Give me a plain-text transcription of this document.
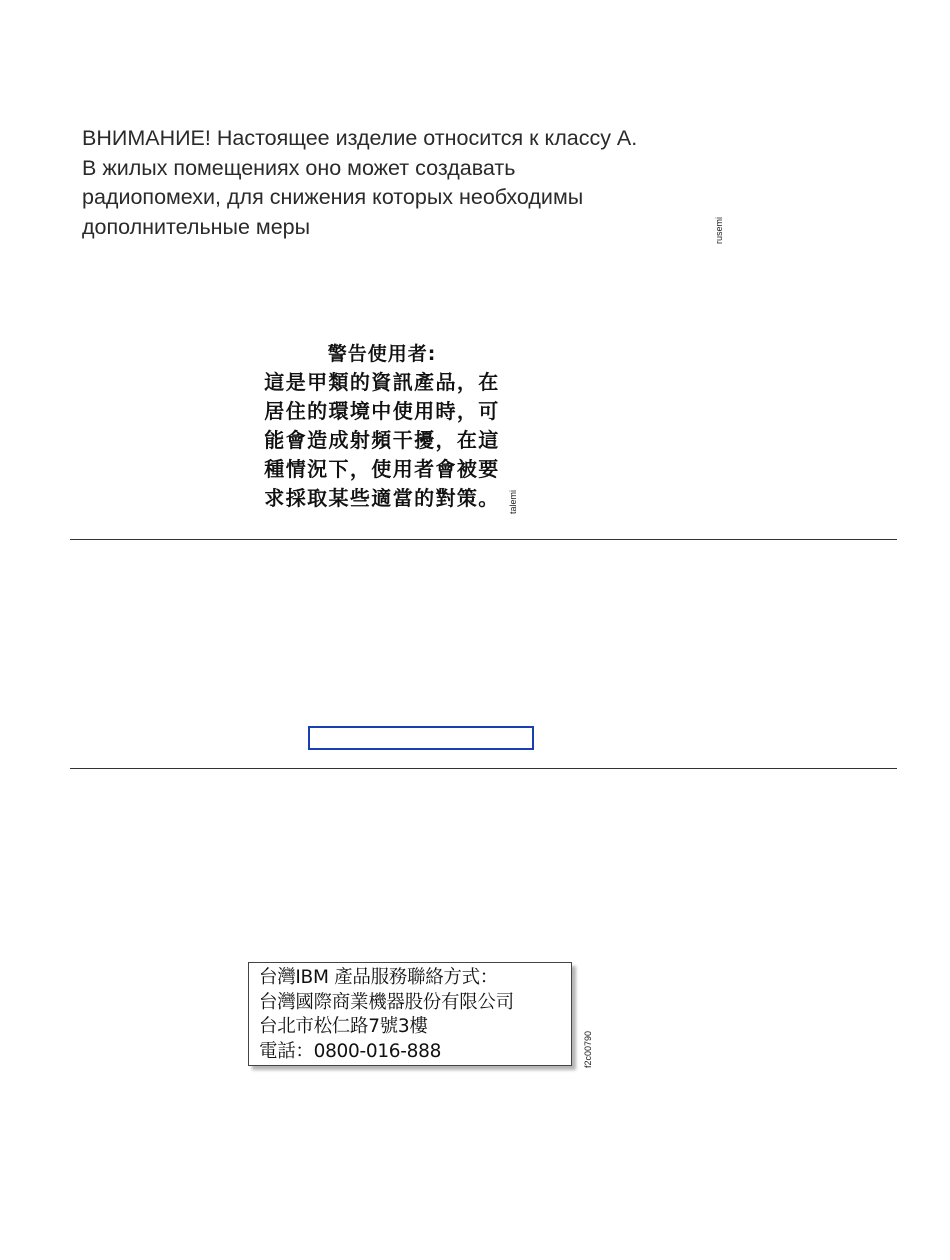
ВНИМАНИЕ! Настоящее изделие относится к классу А.
В жилых помещениях оно может создавать
радиопомехи, для снижения которых необходимы
дополнительные меры	rusemi
警告使用者:
這是甲類的資訊產品，在
居住的環境中使用時，可
能會造成射頻干擾，在這
種情況下，使用者會被要
求採取某些適當的對策。 talemi
台灣IBM 產品服務聯絡方式：
台灣國際商業機器股份有限公司
台北市松仁路7號3樓
電話：0800-016-888	f2c00790
